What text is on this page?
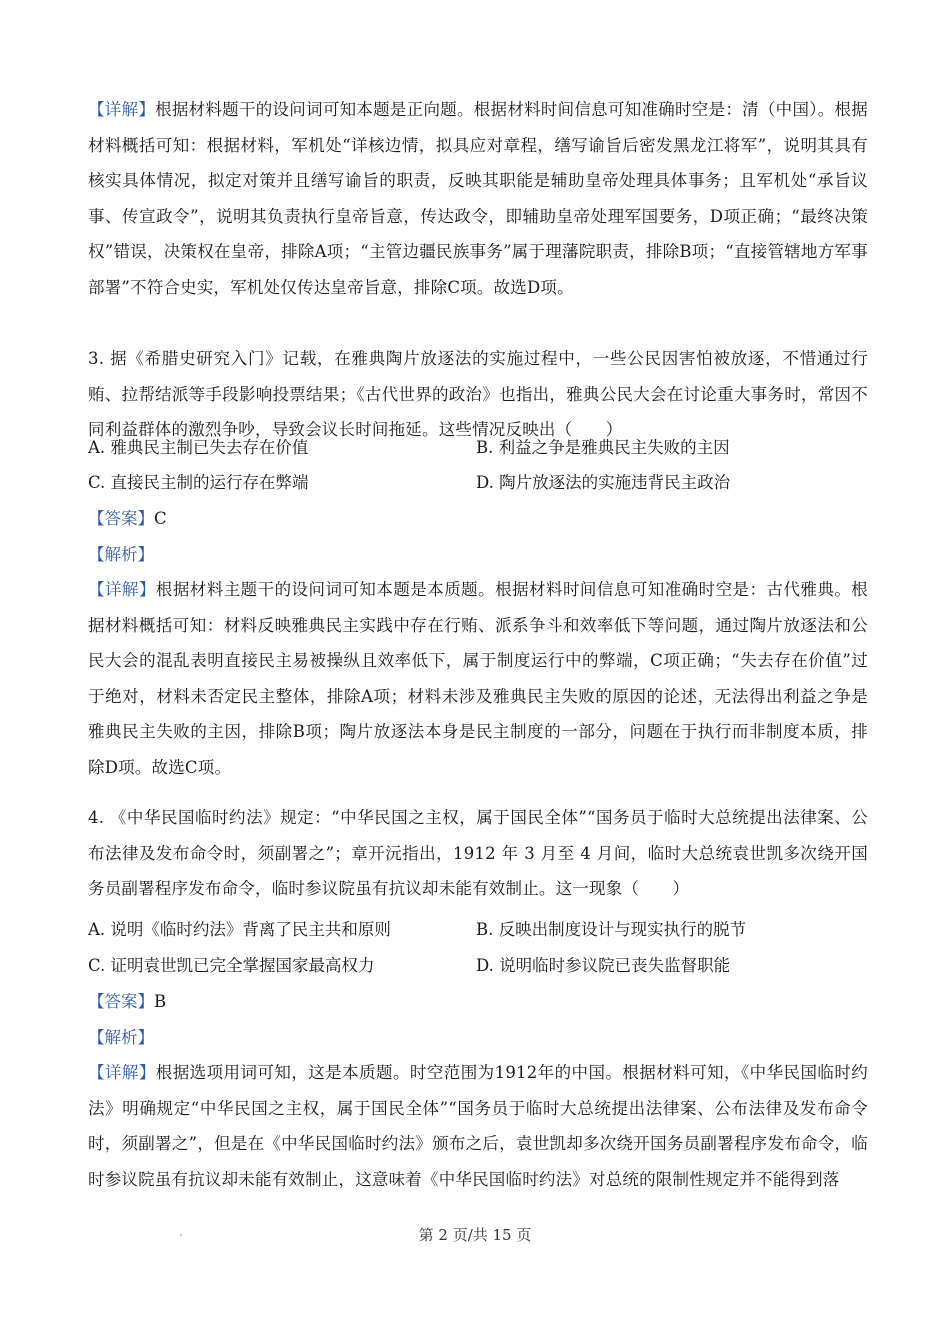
【详解】根据材料题干的设问词可知本题是正向题。根据材料时间信息可知准确时空是：清（中国）。根据材料概括可知：根据材料，军机处“详核边情，拟具应对章程，缮写谕旨后密发黑龙江将军”，说明其具有核实具体情况，拟定对策并且缮写谕旨的职责，反映其职能是辅助皇帝处理具体事务；且军机处“承旨议事、传宣政令”，说明其负责执行皇帝旨意，传达政令，即辅助皇帝处理军国要务，D项正确；“最终决策权”错误，决策权在皇帝，排除A项；“主管边疆民族事务”属于理藩院职责，排除B项；“直接管辖地方军事部署”不符合史实，军机处仅传达皇帝旨意，排除C项。故选D项。
3. 据《希腊史研究入门》记载，在雅典陶片放逐法的实施过程中，一些公民因害怕被放逐，不惜通过行贿、拉帮结派等手段影响投票结果；《古代世界的政治》也指出，雅典公民大会在讨论重大事务时，常因不同利益群体的激烈争吵，导致会议长时间拖延。这些情况反映出（　　）
A. 雅典民主制已失去存在价值	B. 利益之争是雅典民主失败的主因
C. 直接民主制的运行存在弊端	D. 陶片放逐法的实施违背民主政治
【答案】C
【解析】
【详解】根据材料主题干的设问词可知本题是本质题。根据材料时间信息可知准确时空是：古代雅典。根据材料概括可知：材料反映雅典民主实践中存在行贿、派系争斗和效率低下等问题，通过陶片放逐法和公民大会的混乱表明直接民主易被操纵且效率低下，属于制度运行中的弊端，C项正确；“失去存在价值”过于绝对，材料未否定民主整体，排除A项；材料未涉及雅典民主失败的原因的论述，无法得出利益之争是雅典民主失败的主因，排除B项；陶片放逐法本身是民主制度的一部分，问题在于执行而非制度本质，排除D项。故选C项。
4. 《中华民国临时约法》规定：“中华民国之主权，属于国民全体”“国务员于临时大总统提出法律案、公布法律及发布命令时，须副署之”；章开沅指出，1912 年 3 月至 4 月间，临时大总统袁世凯多次绕开国务员副署程序发布命令，临时参议院虽有抗议却未能有效制止。这一现象（　　）
A. 说明《临时约法》背离了民主共和原则	B. 反映出制度设计与现实执行的脱节
C. 证明袁世凯已完全掌握国家最高权力	D. 说明临时参议院已丧失监督职能
【答案】B
【解析】
【详解】根据选项用词可知，这是本质题。时空范围为1912年的中国。根据材料可知，《中华民国临时约法》明确规定“中华民国之主权，属于国民全体”“国务员于临时大总统提出法律案、公布法律及发布命令时，须副署之”，但是在《中华民国临时约法》颁布之后，袁世凯却多次绕开国务员副署程序发布命令，临时参议院虽有抗议却未能有效制止，这意味着《中华民国临时约法》对总统的限制性规定并不能得到落
第 2 页/共 15 页
